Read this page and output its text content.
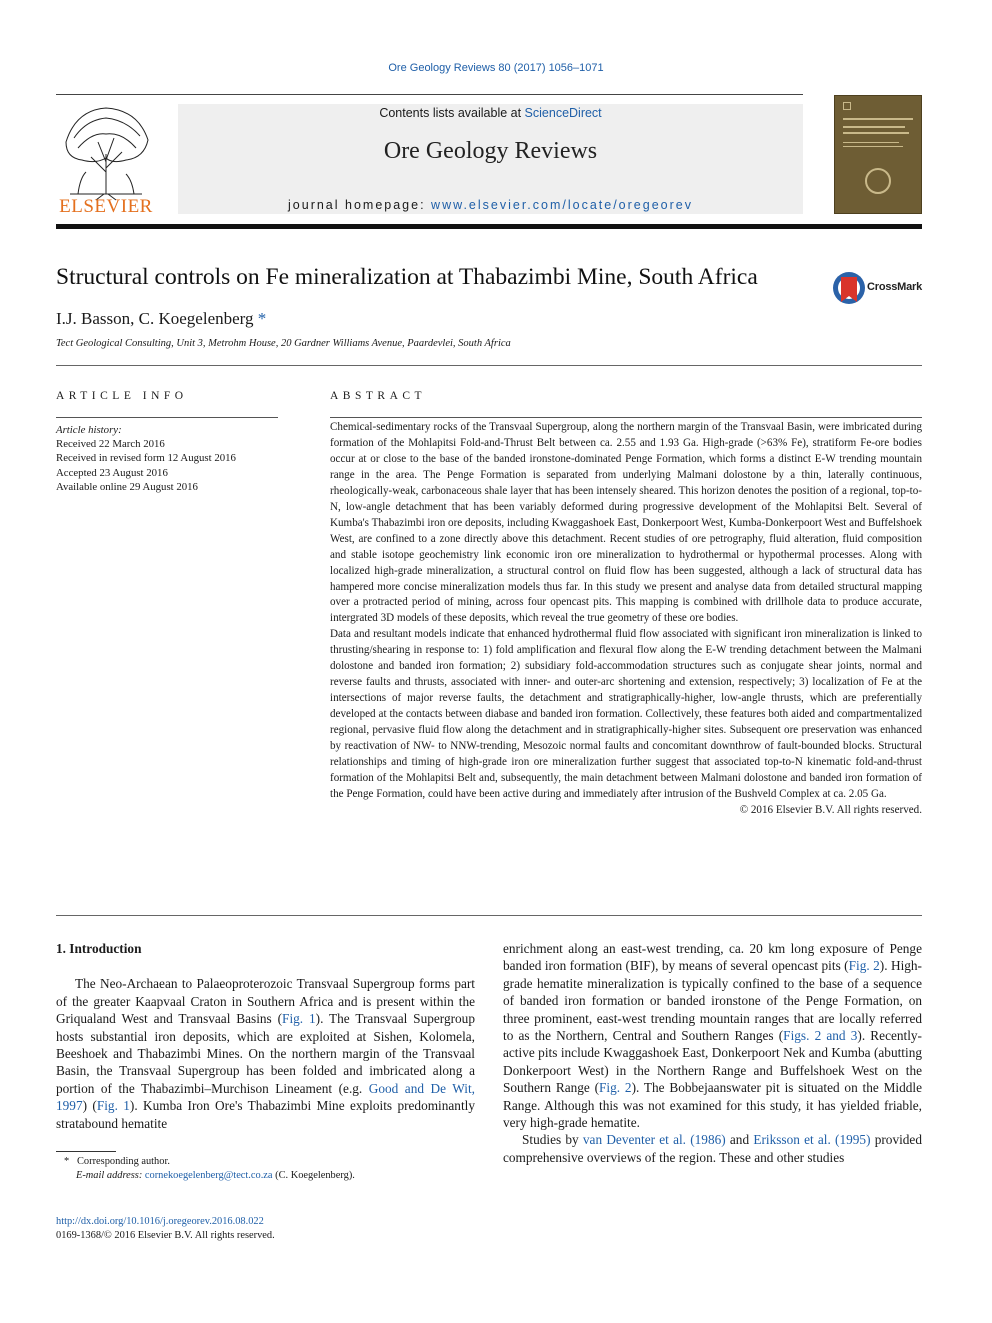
Ore Geology Reviews 80 (2017) 1056–1071
ELSEVIER
Contents lists available at ScienceDirect
Ore Geology Reviews
journal homepage: www.elsevier.com/locate/oregeorev
Structural controls on Fe mineralization at Thabazimbi Mine, South Africa	CrossMark
I.J. Basson, C. Koegelenberg *
Tect Geological Consulting, Unit 3, Metrohm House, 20 Gardner Williams Avenue, Paardevlei, South Africa
ARTICLE INFO	ABSTRACT
Article history:
Received 22 March 2016
Received in revised form 12 August 2016
Accepted 23 August 2016
Available online 29 August 2016

Chemical-sedimentary rocks of the Transvaal Supergroup, along the northern margin of the Transvaal Basin, were imbricated during formation of the Mohlapitsi Fold-and-Thrust Belt between ca. 2.55 and 1.93 Ga. High-grade (>63% Fe), stratiform Fe-ore bodies occur at or close to the base of the banded ironstone-dominated Penge Formation, which forms a distinct E-W trending mountain range in the area. The Penge Formation is separated from underlying Malmani dolostone by a thin, laterally continuous, rheologically-weak, carbonaceous shale layer that has been intensely sheared. This horizon denotes the position of a regional, top-to-N, low-angle detachment that has been variably deformed during progressive development of the Mohlapitsi Belt. Several of Kumba's Thabazimbi iron ore deposits, including Kwaggashoek East, Donkerpoort West, Kumba-Donkerpoort West and Buffelshoek West, are confined to a zone directly above this detachment. Recent studies of ore petrography, fluid alteration, fluid composition and stable isotope geochemistry link economic iron ore mineralization to hydrothermal or hypothermal processes. Along with localized high-grade mineralization, a structural control on fluid flow has been suggested, although a lack of structural data has hampered more concise mineralization models thus far. In this study we present and analyse data from detailed structural mapping over a protracted period of mining, across four opencast pits. This mapping is combined with drillhole data to produce accurate, intergrated 3D models of these deposits, which reveal the true geometry of these ore bodies.

Data and resultant models indicate that enhanced hydrothermal fluid flow associated with significant iron mineralization is linked to thrusting/shearing in response to: 1) fold amplification and flexural flow along the E-W trending detachment between the Malmani dolostone and banded iron formation; 2) subsidiary fold-accommodation structures such as conjugate shear joints, normal and reverse faults and thrusts, associated with inner- and outer-arc shortening and extension, respectively; 3) localization of Fe at the intersections of major reverse faults, the detachment and stratigraphically-higher, low-angle thrusts, which are preferentially developed at the contacts between diabase and banded iron formation. Collectively, these features both aided and compartmentalized regional, pervasive fluid flow along the detachment and in stratigraphically-higher sites. Subsequent ore preservation was enhanced by reactivation of NW- to NNW-trending, Mesozoic normal faults and concomitant downthrow of fault-bounded blocks. Structural relationships and timing of high-grade iron ore mineralization further suggest that associated top-to-N kinematic fold-and-thrust formation of the Mohlapitsi Belt and, subsequently, the main detachment between Malmani dolostone and banded iron formation of the Penge Formation, could have been active during and immediately after intrusion of the Bushveld Complex at ca. 2.05 Ga.

© 2016 Elsevier B.V. All rights reserved.

1. Introduction

The Neo-Archaean to Palaeoproterozoic Transvaal Supergroup forms part of the greater Kaapvaal Craton in Southern Africa and is present within the Griqualand West and Transvaal Basins (Fig. 1). The Transvaal Supergroup hosts substantial iron deposits, which are exploited at Sishen, Kolomela, Beeshoek and Thabazimbi Mines. On the northern margin of the Transvaal Basin, the Transvaal Supergroup has been folded and imbricated along a portion of the Thabazimbi–Murchison Lineament (e.g. Good and De Wit, 1997) (Fig. 1). Kumba Iron Ore's Thabazimbi Mine exploits predominantly stratabound hematite

enrichment along an east-west trending, ca. 20 km long exposure of Penge banded iron formation (BIF), by means of several opencast pits (Fig. 2). High-grade hematite mineralization is typically confined to the base of a sequence of banded iron formation or banded ironstone of the Penge Formation, on three prominent, east-west trending mountain ranges that are locally referred to as the Northern, Central and Southern Ranges (Figs. 2 and 3). Recently-active pits include Kwaggashoek East, Donkerpoort Nek and Kumba (abutting Donkerpoort West) in the Northern Range and Buffelshoek West on the Southern Range (Fig. 2). The Bobbejaanswater pit is situated on the Middle Range. Although this was not examined for this study, it has yielded friable, very high-grade hematite.

Studies by van Deventer et al. (1986) and Eriksson et al. (1995) provided comprehensive overviews of the region. These and other studies

* Corresponding author.
E-mail address: cornekoegelenberg@tect.co.za (C. Koegelenberg).
http://dx.doi.org/10.1016/j.oregeorev.2016.08.022
0169-1368/© 2016 Elsevier B.V. All rights reserved.
